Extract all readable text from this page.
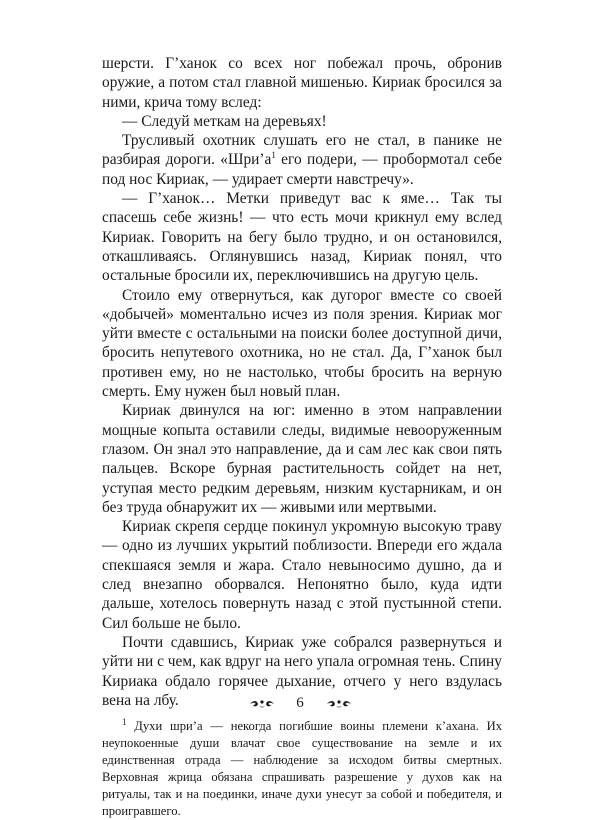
шерсти. Г’ханок со всех ног побежал прочь, обронив оружие, а потом стал главной мишенью. Кириак бросился за ними, крича тому вслед:

— Следуй меткам на деревьях!

Трусливый охотник слушать его не стал, в панике не разбирая дороги. «$Шри’а^1$ его подери, — пробормотал себе под нос Кириак, — удирает смерти навстречу».

— Г’ханок… Метки приведут вас к яме… Так ты спасешь себе жизнь! — что есть мочи крикнул ему вслед Кириак. Говорить на бегу было трудно, и он остановился, откашливаясь. Оглянувшись назад, Кириак понял, что остальные бросили их, переключившись на другую цель.

Стоило ему отвернуться, как дугорог вместе со своей «добычей» моментально исчез из поля зрения. Кириак мог уйти вместе с остальными на поиски более доступной дичи, бросить непутевого охотника, но не стал. Да, Г’ханок был противен ему, но не настолько, чтобы бросить на верную смерть. Ему нужен был новый план.

Кириак двинулся на юг: именно в этом направлении мощные копыта оставили следы, видимые невооруженным глазом. Он знал это направление, да и сам лес как свои пять пальцев. Вскоре бурная растительность сойдет на нет, уступая место редким деревьям, низким кустарникам, и он без труда обнаружит их — живыми или мертвыми.

Кириак скрепя сердце покинул укромную высокую траву — одно из лучших укрытий поблизости. Впереди его ждала спекшаяся земля и жара. Стало невыносимо душно, да и след внезапно оборвался. Непонятно было, куда идти дальше, хотелось повернуть назад с этой пустынной степи. Сил больше не было.

Почти сдавшись, Кириак уже собрался развернуться и уйти ни с чем, как вдруг на него упала огромная тень. Спину Кириака обдало горячее дыхание, отчего у него вздулась вена на лбу.

$^1$ Духи шри’а — некогда погибшие воины племени к’ахана. Их неупокоенные души влачат свое существование на земле и их единственная отрада — наблюдение за исходом битвы смертных. Верховная жрица обязана спрашивать разрешение у духов как на ритуалы, так и на поединки, иначе духи унесут за собой и победителя, и проигравшего.

6
